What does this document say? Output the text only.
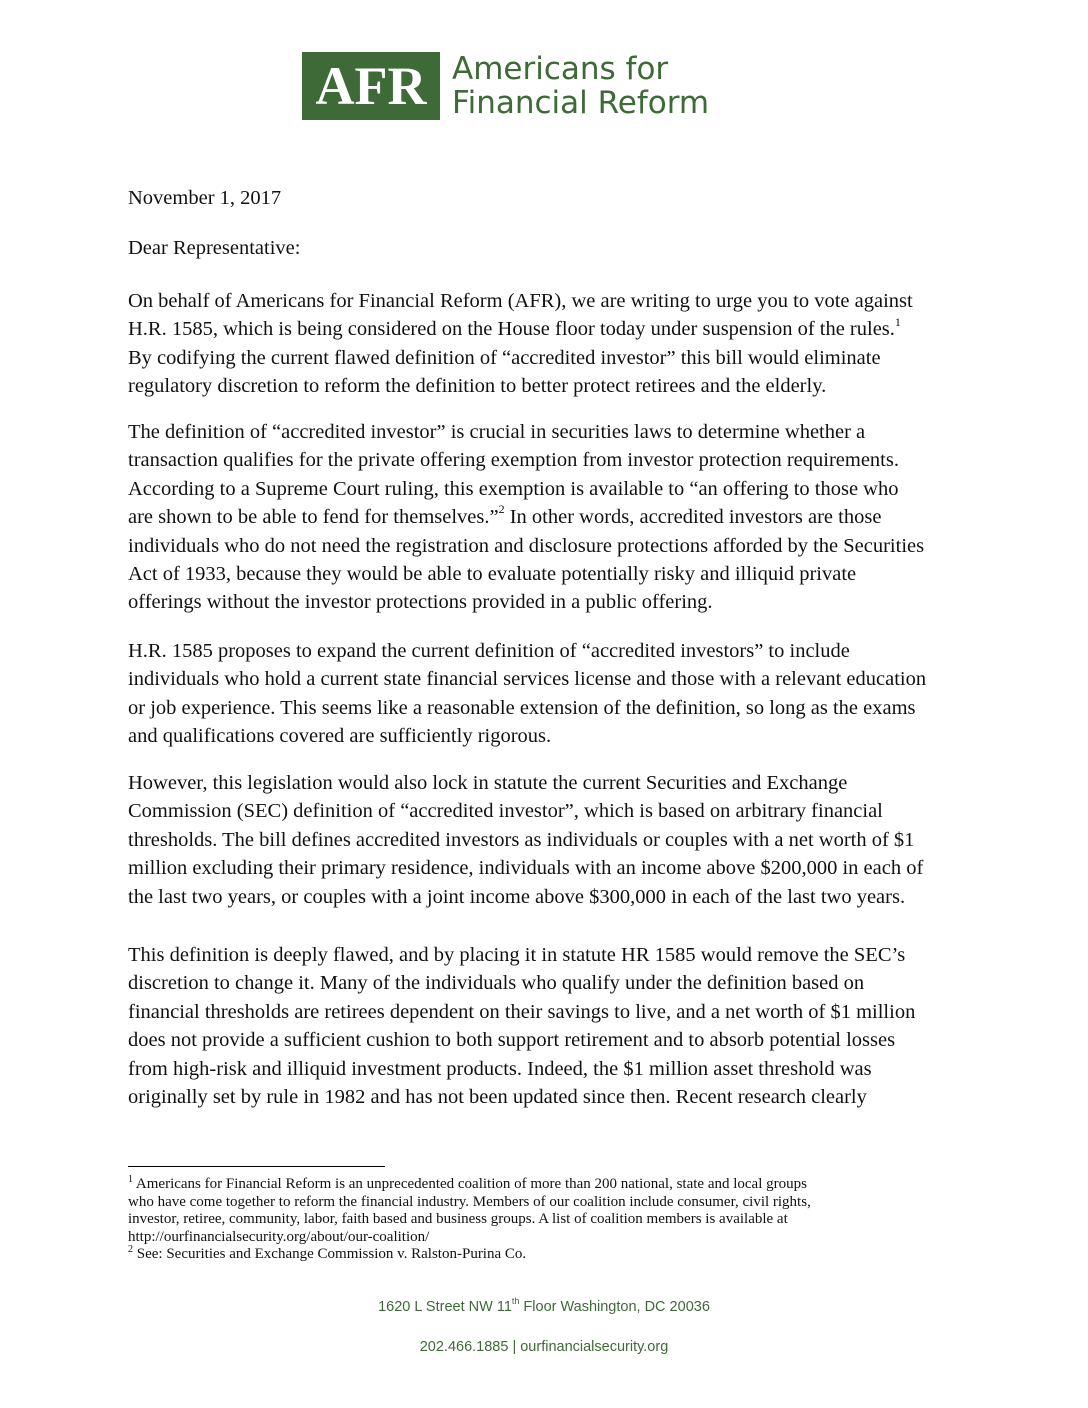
AFR Americans for
Financial Reform
November 1, 2017
Dear Representative:
On behalf of Americans for Financial Reform (AFR), we are writing to urge you to vote against
H.R. 1585, which is being considered on the House floor today under suspension of the rules.$^1$
By codifying the current flawed definition of “accredited investor” this bill would eliminate
regulatory discretion to reform the definition to better protect retirees and the elderly.
The definition of “accredited investor” is crucial in securities laws to determine whether a
transaction qualifies for the private offering exemption from investor protection requirements.
According to a Supreme Court ruling, this exemption is available to “an offering to those who
are shown to be able to fend for themselves.”$^2$ In other words, accredited investors are those
individuals who do not need the registration and disclosure protections afforded by the Securities
Act of 1933, because they would be able to evaluate potentially risky and illiquid private
offerings without the investor protections provided in a public offering.
H.R. 1585 proposes to expand the current definition of “accredited investors” to include
individuals who hold a current state financial services license and those with a relevant education
or job experience. This seems like a reasonable extension of the definition, so long as the exams
and qualifications covered are sufficiently rigorous.
However, this legislation would also lock in statute the current Securities and Exchange
Commission (SEC) definition of “accredited investor”, which is based on arbitrary financial
thresholds. The bill defines accredited investors as individuals or couples with a net worth of $1
million excluding their primary residence, individuals with an income above $200,000 in each of
the last two years, or couples with a joint income above $300,000 in each of the last two years.
This definition is deeply flawed, and by placing it in statute HR 1585 would remove the SEC’s
discretion to change it. Many of the individuals who qualify under the definition based on
financial thresholds are retirees dependent on their savings to live, and a net worth of $1 million
does not provide a sufficient cushion to both support retirement and to absorb potential losses
from high-risk and illiquid investment products. Indeed, the $1 million asset threshold was
originally set by rule in 1982 and has not been updated since then. Recent research clearly
$^1$ Americans for Financial Reform is an unprecedented coalition of more than 200 national, state and local groups
who have come together to reform the financial industry. Members of our coalition include consumer, civil rights,
investor, retiree, community, labor, faith based and business groups. A list of coalition members is available at
http://ourfinancialsecurity.org/about/our-coalition/
$^2$ See: Securities and Exchange Commission v. Ralston-Purina Co.
1620 L Street NW 11th Floor Washington, DC 20036
202.466.1885 | ourfinancialsecurity.org
